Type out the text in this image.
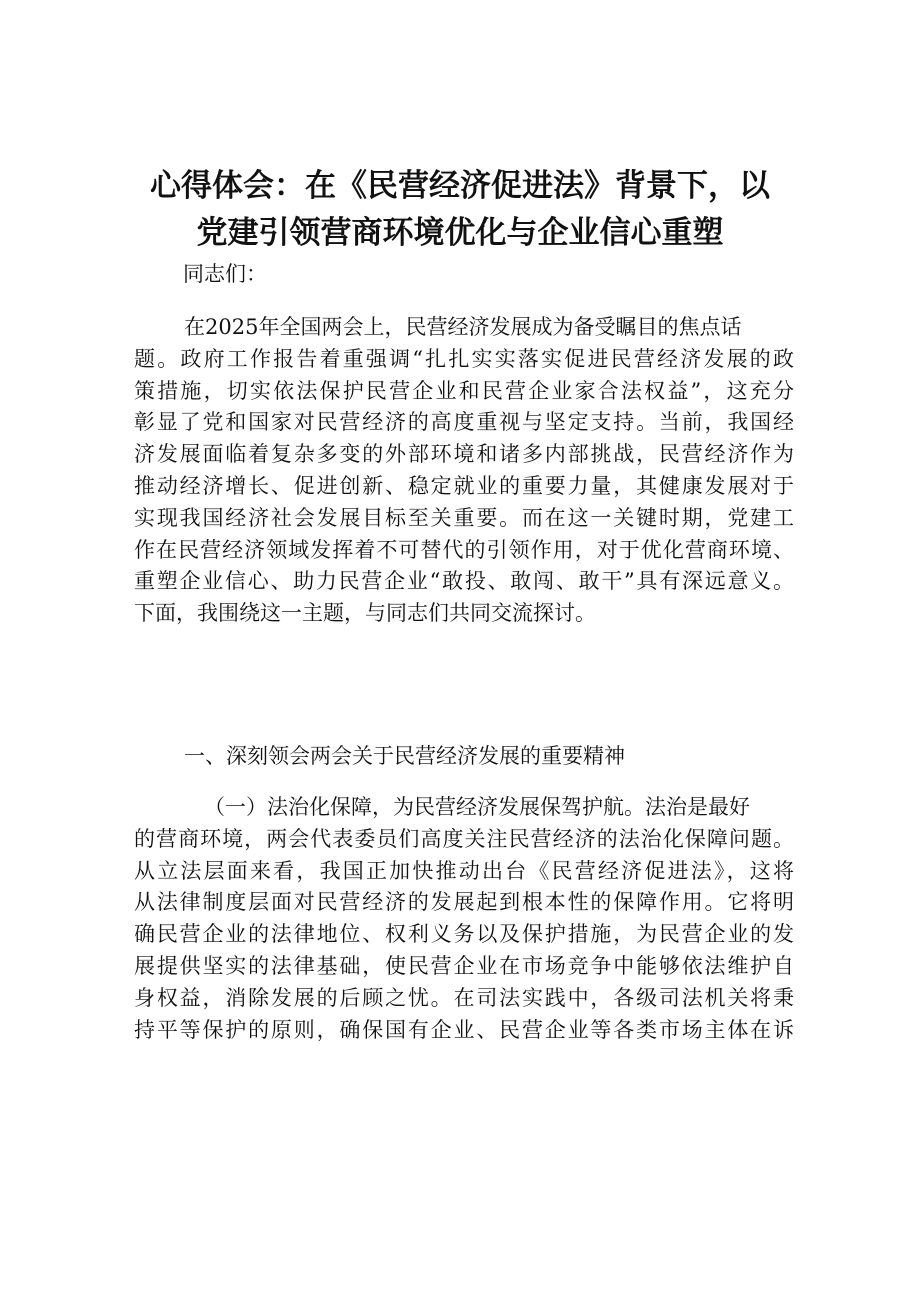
心得体会：在《民营经济促进法》背景下，以
党建引领营商环境优化与企业信心重塑
同志们：
在2025年全国两会上，民营经济发展成为备受瞩目的焦点话
题。政府工作报告着重强调“扎扎实实落实促进民营经济发展的政
策措施，切实依法保护民营企业和民营企业家合法权益”，这充分
彰显了党和国家对民营经济的高度重视与坚定支持。当前，我国经
济发展面临着复杂多变的外部环境和诸多内部挑战，民营经济作为
推动经济增长、促进创新、稳定就业的重要力量，其健康发展对于
实现我国经济社会发展目标至关重要。而在这一关键时期，党建工
作在民营经济领域发挥着不可替代的引领作用，对于优化营商环境、
重塑企业信心、助力民营企业“敢投、敢闯、敢干”具有深远意义。
下面，我围绕这一主题，与同志们共同交流探讨。
一、深刻领会两会关于民营经济发展的重要精神
（一）法治化保障，为民营经济发展保驾护航。法治是最好
的营商环境，两会代表委员们高度关注民营经济的法治化保障问题。
从立法层面来看，我国正加快推动出台《民营经济促进法》，这将
从法律制度层面对民营经济的发展起到根本性的保障作用。它将明
确民营企业的法律地位、权利义务以及保护措施，为民营企业的发
展提供坚实的法律基础，使民营企业在市场竞争中能够依法维护自
身权益，消除发展的后顾之忧。在司法实践中，各级司法机关将秉
持平等保护的原则，确保国有企业、民营企业等各类市场主体在诉
